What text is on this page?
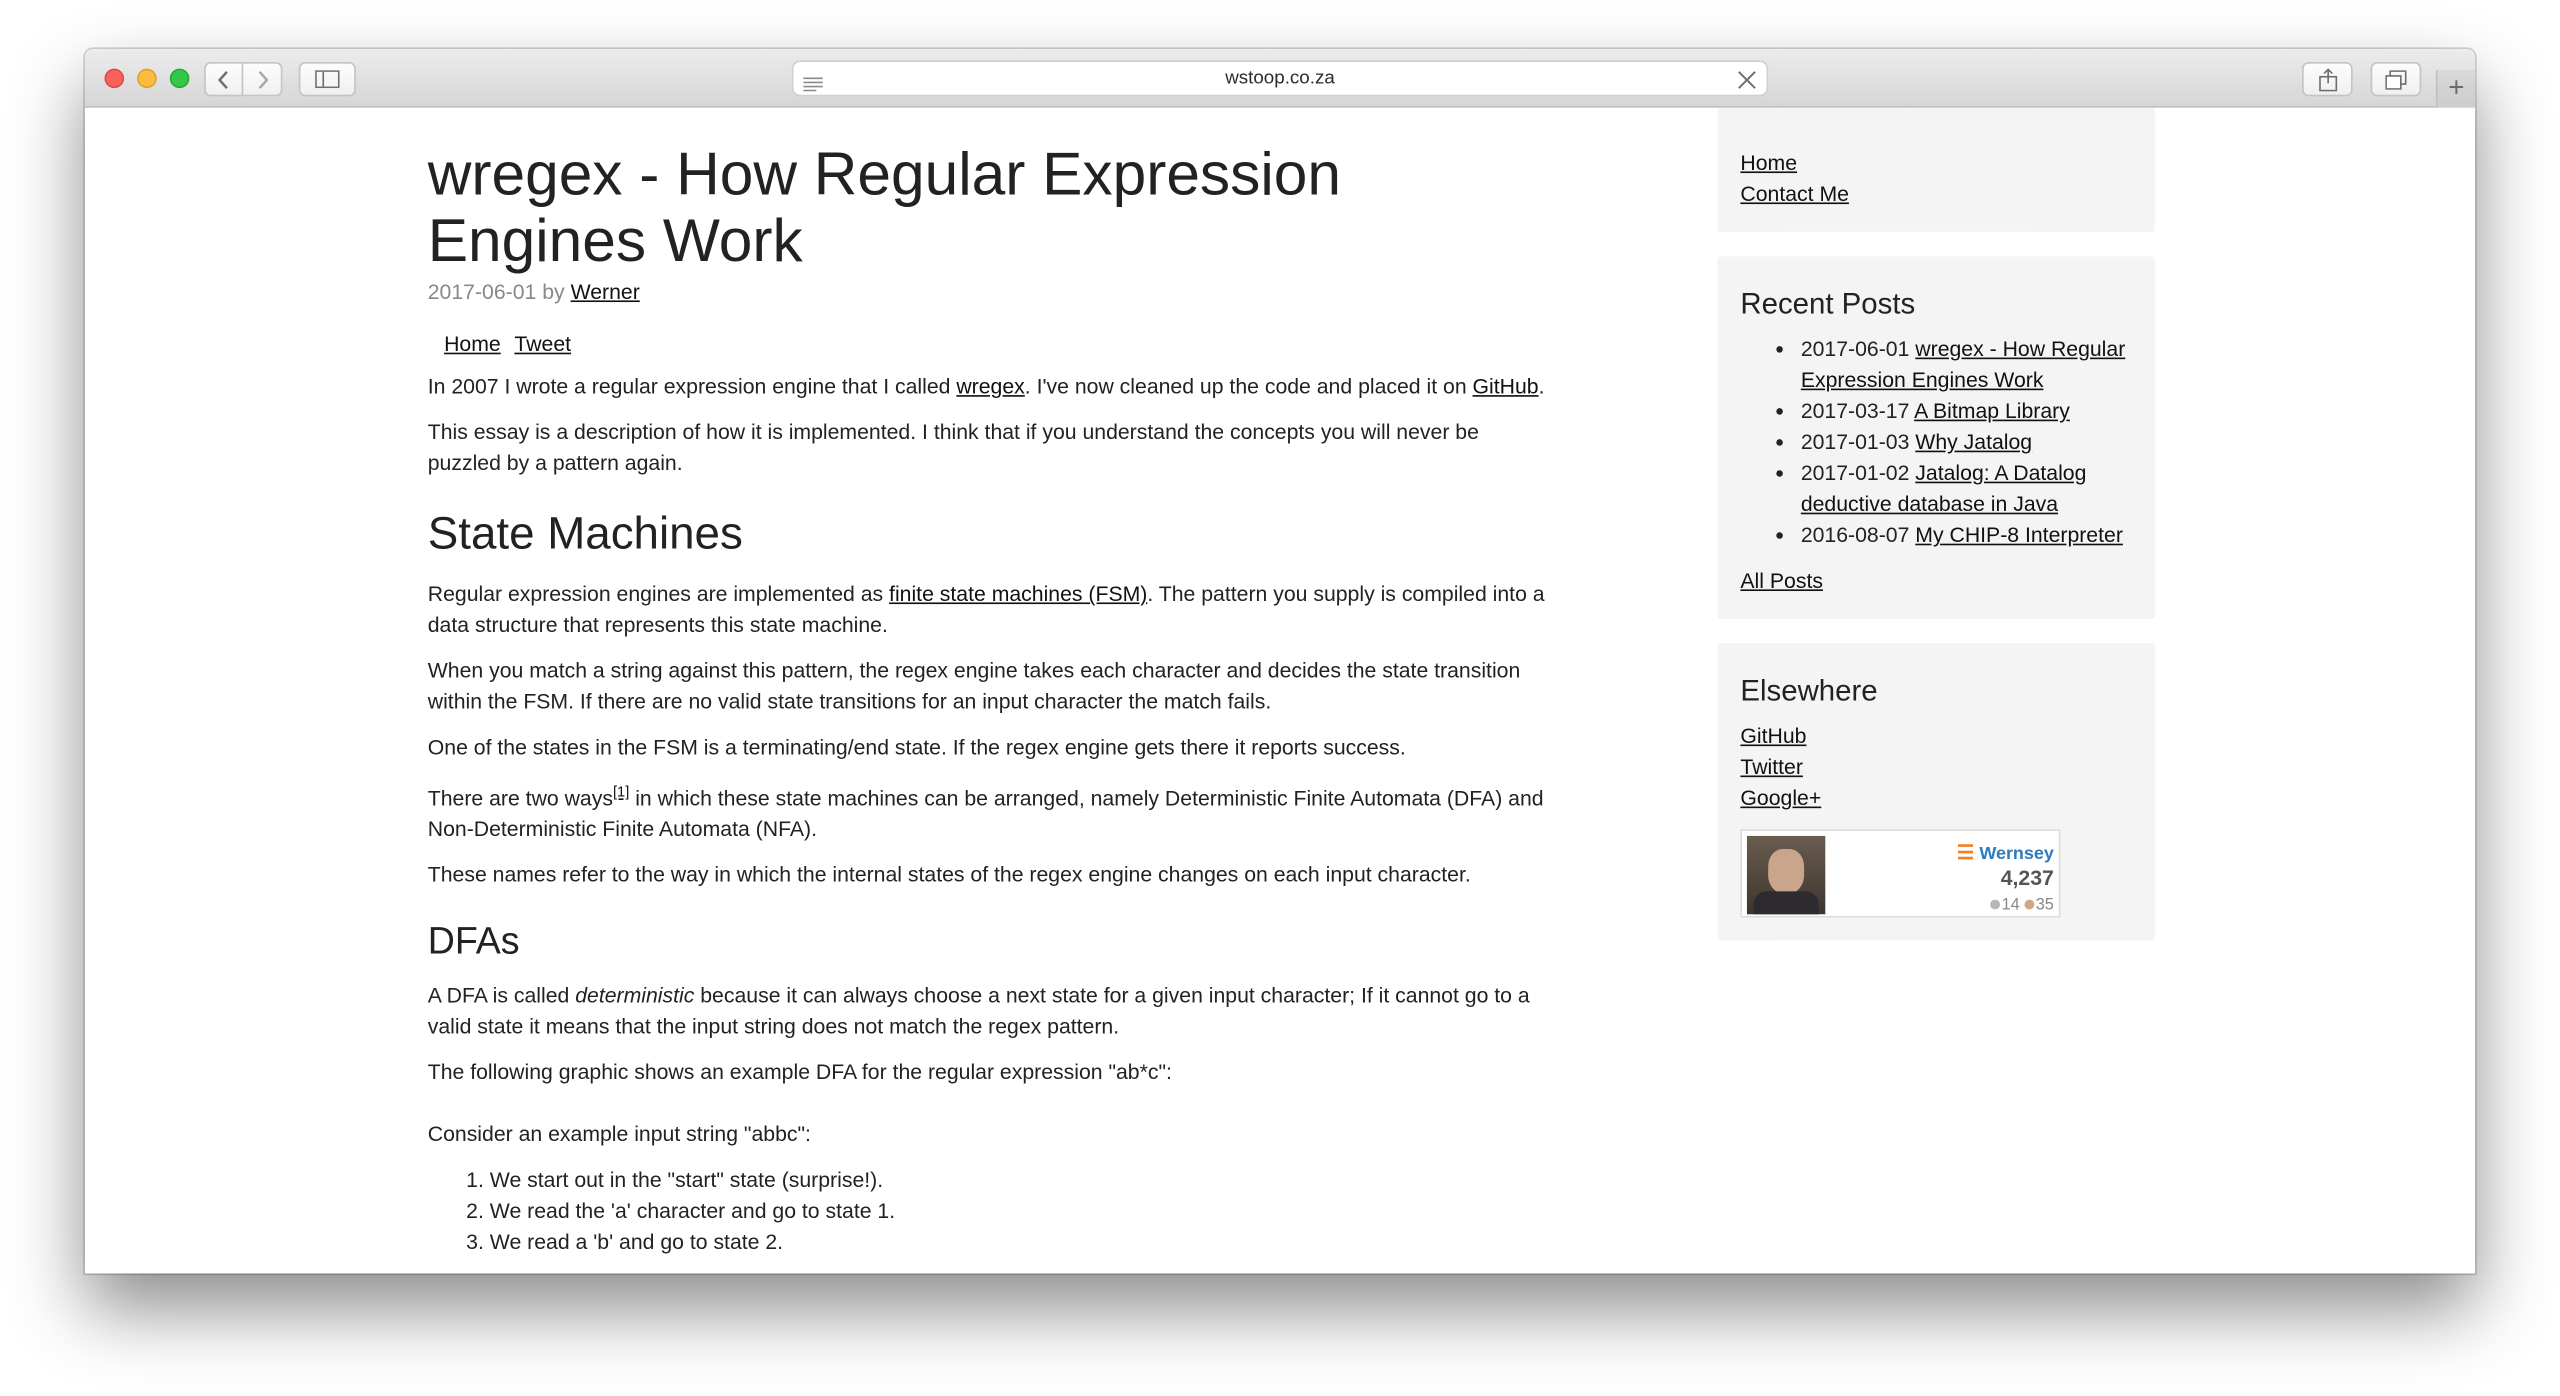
wstoop.co.za	+
wregex - How Regular Expression Engines Work
2017-06-01 by Werner
Home Tweet

In 2007 I wrote a regular expression engine that I called wregex. I've now cleaned up the code and placed it on GitHub.

This essay is a description of how it is implemented. I think that if you understand the concepts you will never be puzzled by a pattern again.

State Machines

Regular expression engines are implemented as finite state machines (FSM). The pattern you supply is compiled into a data structure that represents this state machine.

When you match a string against this pattern, the regex engine takes each character and decides the state transition within the FSM. If there are no valid state transitions for an input character the match fails.

One of the states in the FSM is a terminating/end state. If the regex engine gets there it reports success.

There are two ways[1] in which these state machines can be arranged, namely Deterministic Finite Automata (DFA) and Non-Deterministic Finite Automata (NFA).

These names refer to the way in which the internal states of the regex engine changes on each input character.

DFAs

A DFA is called deterministic because it can always choose a next state for a given input character; If it cannot go to a valid state it means that the input string does not match the regex pattern.

The following graphic shows an example DFA for the regular expression "ab*c":

Consider an example input string "abbc":

1. We start out in the "start" state (surprise!).
2. We read the 'a' character and go to state 1.
3. We read a 'b' and go to state 2.
Home
Contact Me
Recent Posts
• 2017-06-01 wregex - How Regular Expression Engines Work
• 2017-03-17 A Bitmap Library
• 2017-01-03 Why Jatalog
• 2017-01-02 Jatalog: A Datalog deductive database in Java
• 2016-08-07 My CHIP-8 Interpreter
All Posts
Elsewhere
GitHub
Twitter
Google+
☰ Wernsey
4,237
14 35
